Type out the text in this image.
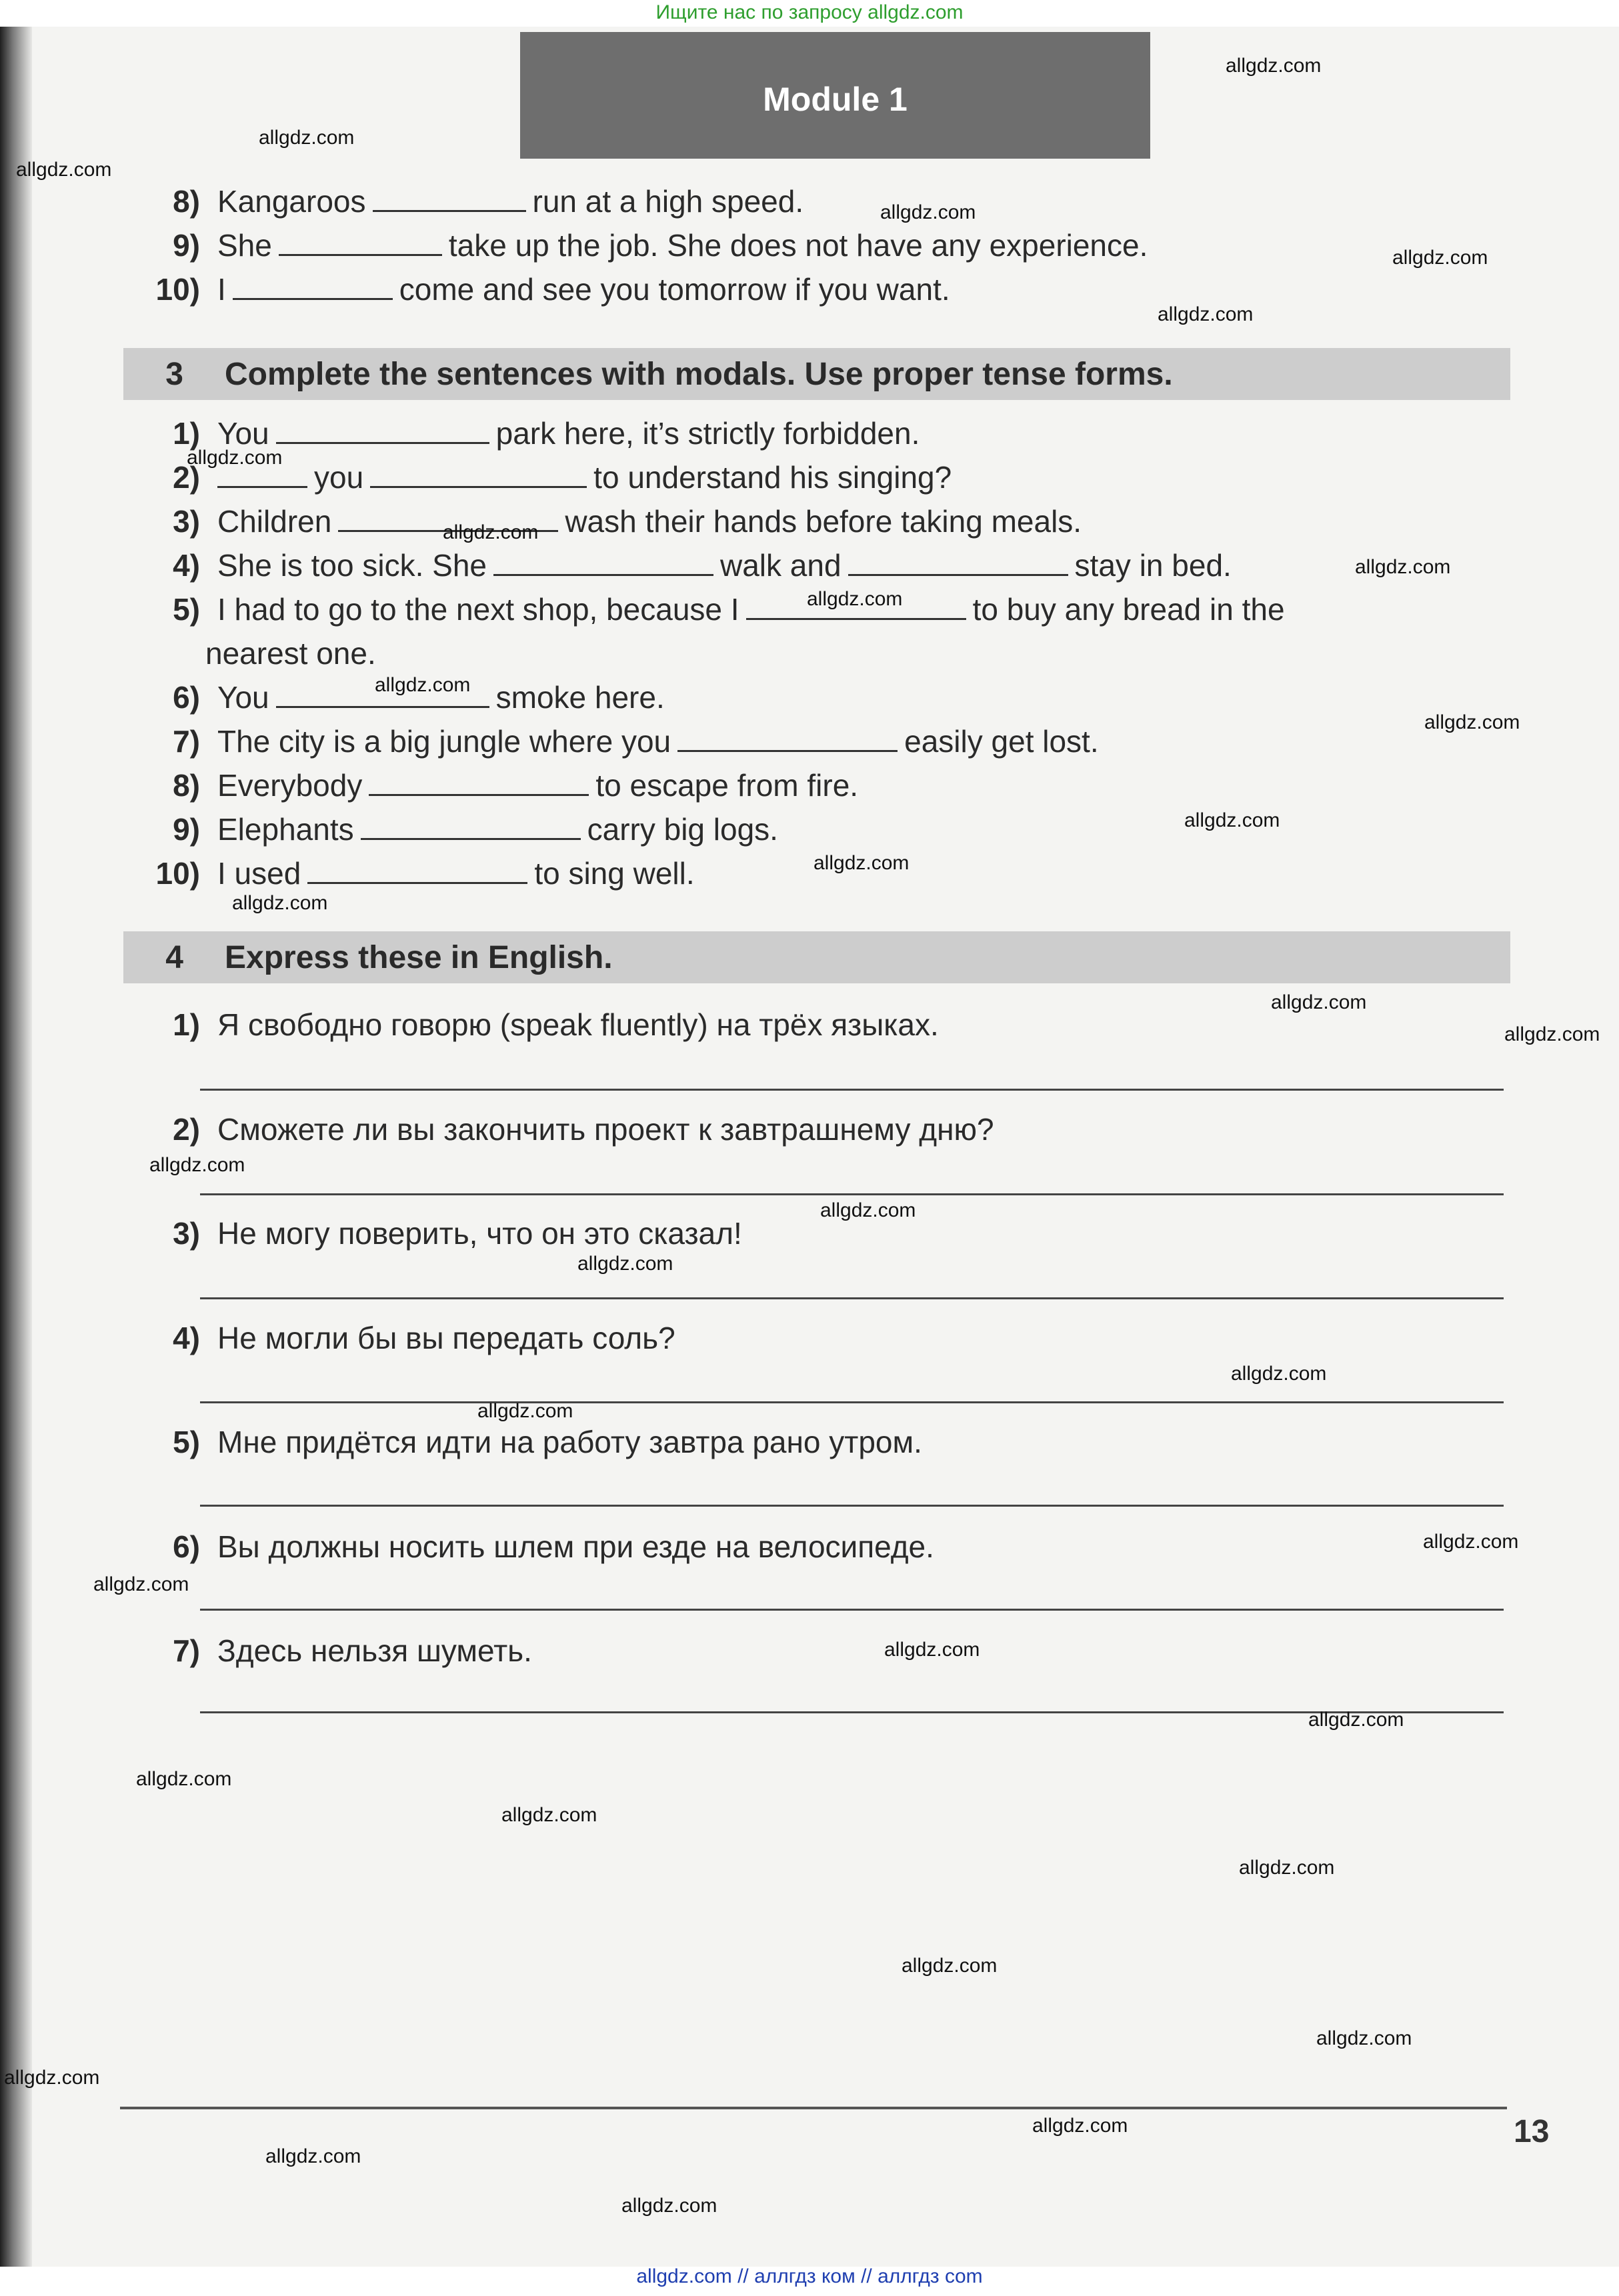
Ищите нас по запросу allgdz.com
Module 1
8) Kangaroos	run at a high speed.
9) She	take up the job. She does not have any experience.
10) I	come and see you tomorrow if you want.
3 Complete the sentences with modals. Use proper tense forms.
1) You	park here, it’s strictly forbidden.
2)	you	to understand his singing?
3) Children	wash their hands before taking meals.
4) She is too sick. She	walk and	stay in bed.
5) I had to go to the next shop, because I	to buy any bread in the
nearest one.
6) You	smoke here.
7) The city is a big jungle where you	easily get lost.
8) Everybody	to escape from fire.
9) Elephants	carry big logs.
10) I used	to sing well.
4 Express these in English.
1) Я свободно говорю (speak fluently) на трёх языках.
2) Сможете ли вы закончить проект к завтрашнему дню?
3) Не могу поверить, что он это сказал!
4) Не могли бы вы передать соль?
5) Мне придётся идти на работу завтра рано утром.
6) Вы должны носить шлем при езде на велосипеде.
7) Здесь нельзя шуметь.
13
allgdz.com
allgdz.com
allgdz.com
allgdz.com
allgdz.com
allgdz.com
allgdz.com
allgdz.com
allgdz.com
allgdz.com
allgdz.com
allgdz.com
allgdz.com
allgdz.com
allgdz.com
allgdz.com
allgdz.com
allgdz.com
allgdz.com
allgdz.com
allgdz.com
allgdz.com
allgdz.com
allgdz.com
allgdz.com
allgdz.com
allgdz.com
allgdz.com
allgdz.com
allgdz.com
allgdz.com
allgdz.com
allgdz.com
allgdz.com
allgdz.com
allgdz.com // аллгдз ком // аллгдз com
